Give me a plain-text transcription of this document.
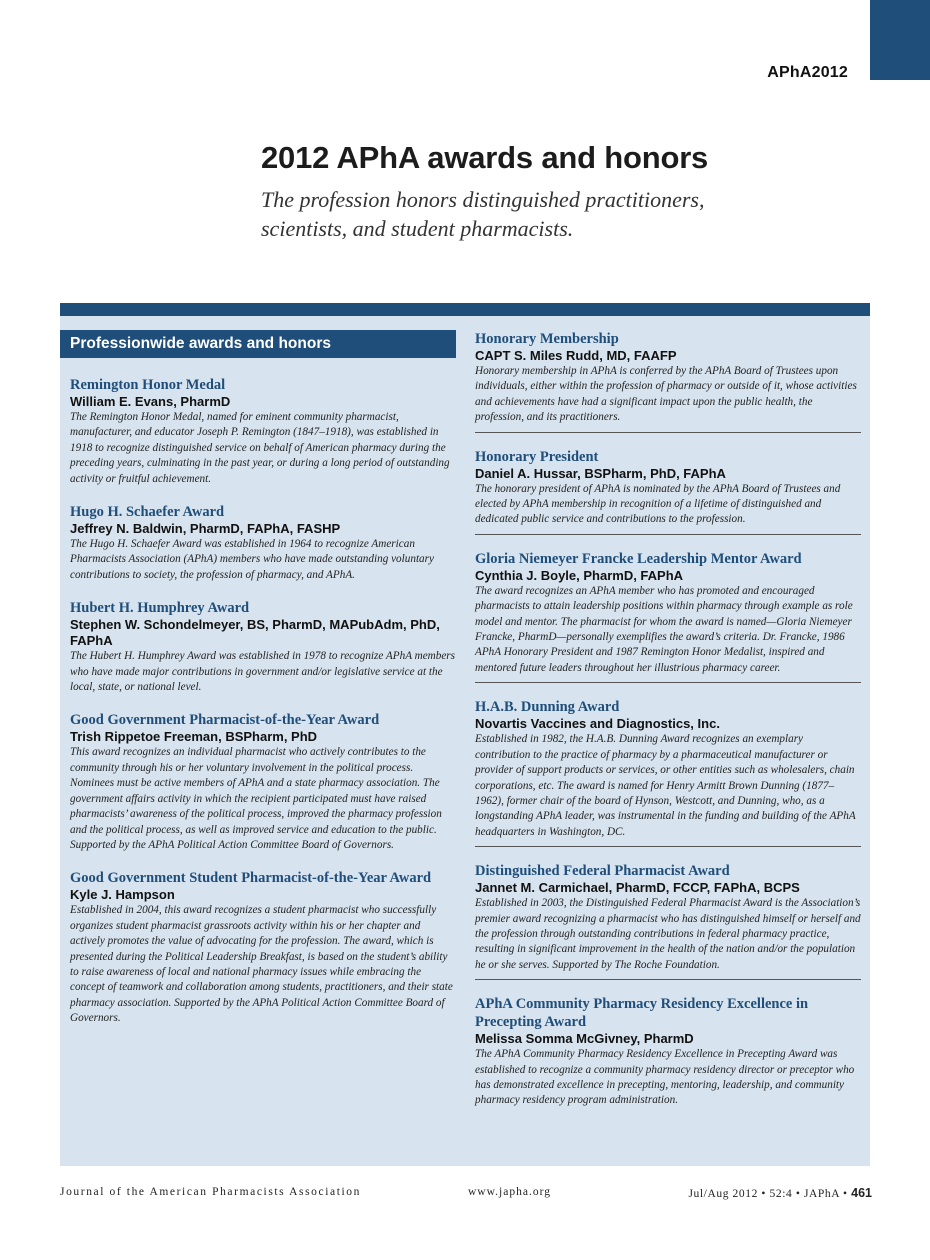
APhA2012
2012 APhA awards and honors

The profession honors distinguished practitioners, scientists, and student pharmacists.

Professionwide awards and honors

Remington Honor Medal

William E. Evans, PharmD

The Remington Honor Medal, named for eminent community pharmacist, manufacturer, and educator Joseph P. Remington (1847–1918), was established in 1918 to recognize distinguished service on behalf of American pharmacy during the preceding years, culminating in the past year, or during a long period of outstanding activity or fruitful achievement.

Hugo H. Schaefer Award

Jeffrey N. Baldwin, PharmD, FAPhA, FASHP

The Hugo H. Schaefer Award was established in 1964 to recognize American Pharmacists Association (APhA) members who have made outstanding voluntary contributions to society, the profession of pharmacy, and APhA.

Hubert H. Humphrey Award

Stephen W. Schondelmeyer, BS, PharmD, MAPubAdm, PhD, FAPhA

The Hubert H. Humphrey Award was established in 1978 to recognize APhA members who have made major contributions in government and/or legislative service at the local, state, or national level.

Good Government Pharmacist-of-the-Year Award

Trish Rippetoe Freeman, BSPharm, PhD

This award recognizes an individual pharmacist who actively contributes to the community through his or her voluntary involvement in the political process. Nominees must be active members of APhA and a state pharmacy association. The government affairs activity in which the recipient participated must have raised pharmacists’ awareness of the political process, improved the pharmacy profession and the political process, as well as improved service and education to the public. Supported by the APhA Political Action Committee Board of Governors.

Good Government Student Pharmacist-of-the-Year Award

Kyle J. Hampson

Established in 2004, this award recognizes a student pharmacist who successfully organizes student pharmacist grassroots activity within his or her chapter and actively promotes the value of advocating for the profession. The award, which is presented during the Political Leadership Breakfast, is based on the student’s ability to raise awareness of local and national pharmacy issues while embracing the concept of teamwork and collaboration among students, practitioners, and their state pharmacy association. Supported by the APhA Political Action Committee Board of Governors.

Honorary Membership

CAPT S. Miles Rudd, MD, FAAFP

Honorary membership in APhA is conferred by the APhA Board of Trustees upon individuals, either within the profession of pharmacy or outside of it, whose activities and achievements have had a significant impact upon the public health, the profession, and its practitioners.

Honorary President

Daniel A. Hussar, BSPharm, PhD, FAPhA

The honorary president of APhA is nominated by the APhA Board of Trustees and elected by APhA membership in recognition of a lifetime of distinguished and dedicated public service and contributions to the profession.

Gloria Niemeyer Francke Leadership Mentor Award

Cynthia J. Boyle, PharmD, FAPhA

The award recognizes an APhA member who has promoted and encouraged pharmacists to attain leadership positions within pharmacy through example as role model and mentor. The pharmacist for whom the award is named—Gloria Niemeyer Francke, PharmD—personally exemplifies the award’s criteria. Dr. Francke, 1986 APhA Honorary President and 1987 Remington Honor Medalist, inspired and mentored future leaders throughout her illustrious pharmacy career.

H.A.B. Dunning Award

Novartis Vaccines and Diagnostics, Inc.

Established in 1982, the H.A.B. Dunning Award recognizes an exemplary contribution to the practice of pharmacy by a pharmaceutical manufacturer or provider of support products or services, or other entities such as wholesalers, chain corporations, etc. The award is named for Henry Armitt Brown Dunning (1877–1962), former chair of the board of Hynson, Westcott, and Dunning, who, as a longstanding APhA leader, was instrumental in the funding and building of the APhA headquarters in Washington, DC.

Distinguished Federal Pharmacist Award

Jannet M. Carmichael, PharmD, FCCP, FAPhA, BCPS

Established in 2003, the Distinguished Federal Pharmacist Award is the Association’s premier award recognizing a pharmacist who has distinguished himself or herself and the profession through outstanding contributions in federal pharmacy practice, resulting in significant improvement in the health of the nation and/or the population he or she serves. Supported by The Roche Foundation.

APhA Community Pharmacy Residency Excellence in Precepting Award

Melissa Somma McGivney, PharmD

The APhA Community Pharmacy Residency Excellence in Precepting Award was established to recognize a community pharmacy residency director or preceptor who has demonstrated excellence in precepting, mentoring, leadership, and community pharmacy residency program administration.

Journal of the American Pharmacists Association	www.japha.org	Jul/Aug 2012 • 52:4 • JAPhA • 461
